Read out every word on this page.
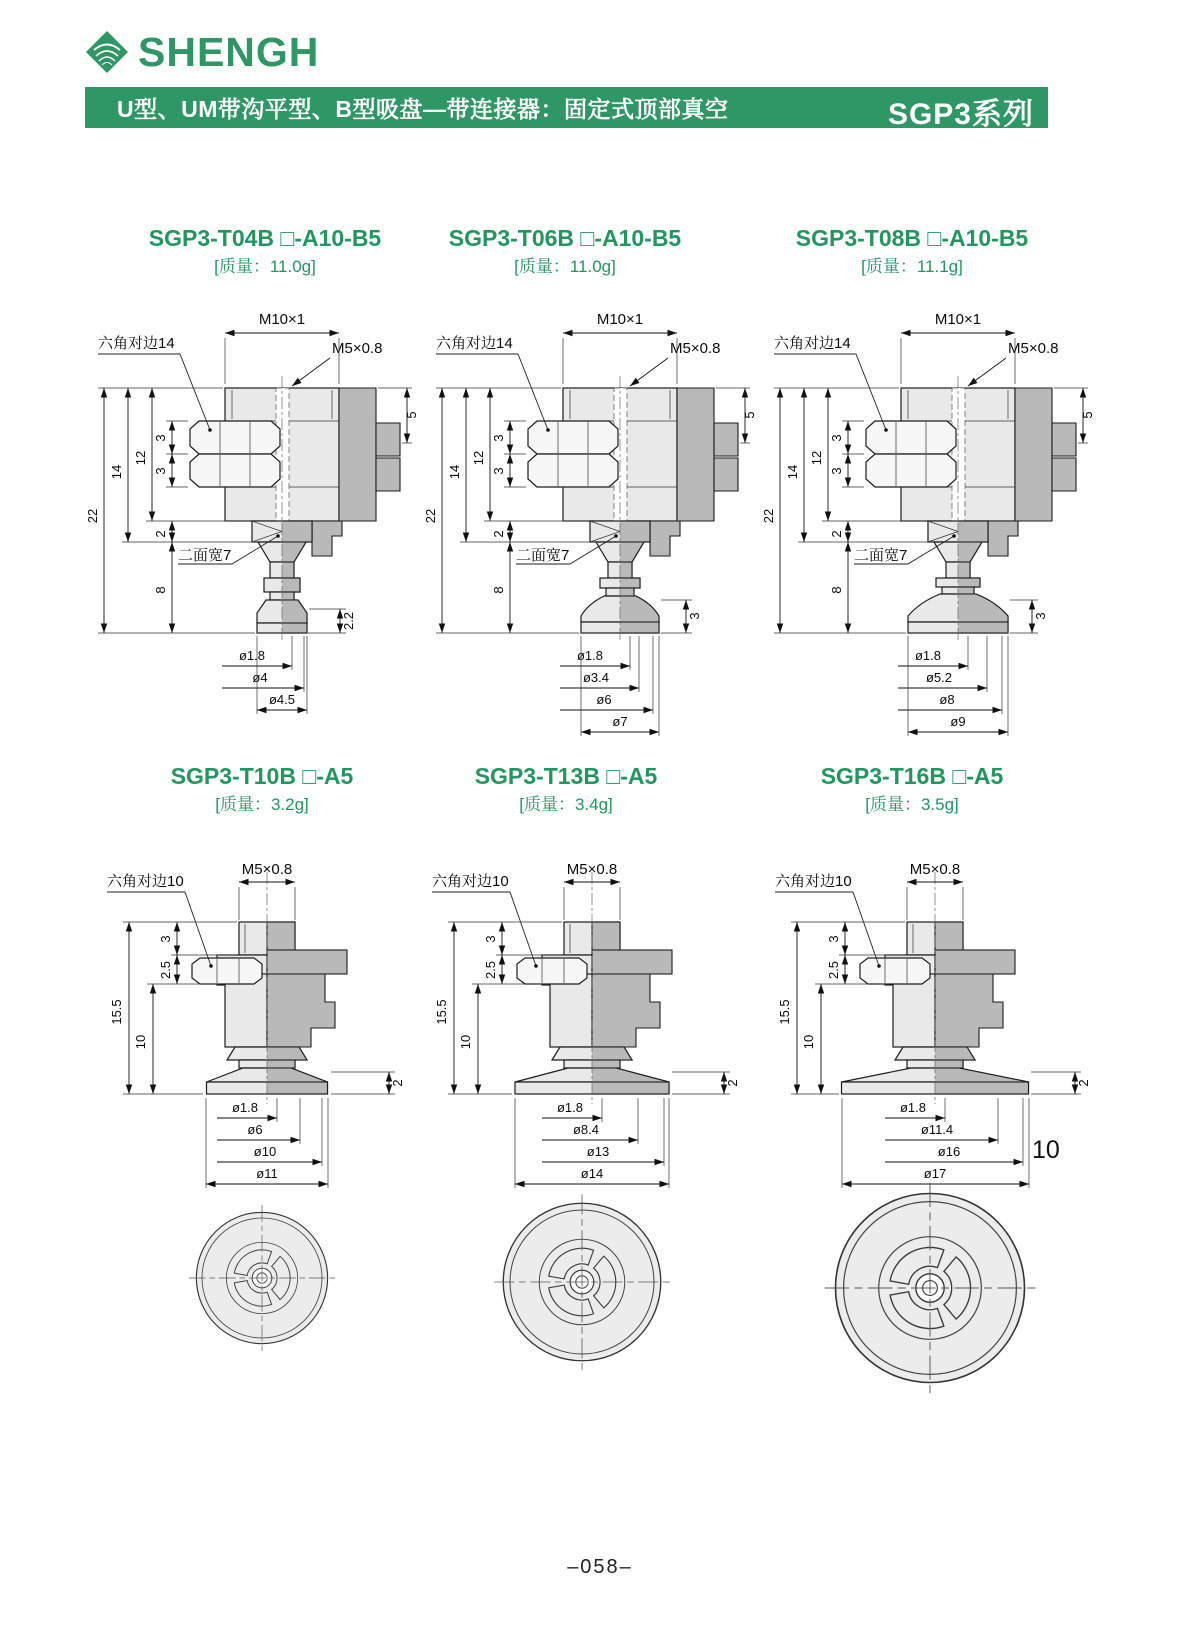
SHENGH
U型、UM带沟平型、B型吸盘—带连接器：固定式顶部真空	SGP3系列
SGP3-T04B □-A10-B5
[质量：11.0g]
SGP3-T06B □-A10-B5
[质量：11.0g]
SGP3-T08B □-A10-B5
[质量：11.1g]
M10×1
M5×0.8
六角对边14
二面宽7
22
14
12
3
3
2
8
5
2.2
ø1.8
ø4
ø4.5
M10×1
M5×0.8
六角对边14
二面宽7
22
14
12
3
3
2
8
5
3
ø1.8
ø3.4
ø6
ø7
M10×1
M5×0.8
六角对边14
二面宽7
22
14
12
3
3
2
8
5
3
ø1.8
ø5.2
ø8
ø9
SGP3-T10B □-A5
[质量：3.2g]
SGP3-T13B □-A5
[质量：3.4g]
SGP3-T16B □-A5
[质量：3.5g]
M5×0.8
六角对边10
3
2.5
15.5
10
2
ø1.8
ø6
ø10
ø11
M5×0.8
六角对边10
3
2.5
15.5
10
2
ø1.8
ø8.4
ø13
ø14
M5×0.8
六角对边10
3
2.5
15.5
10
2
ø1.8
ø11.4
ø16
ø17
10
–058–
